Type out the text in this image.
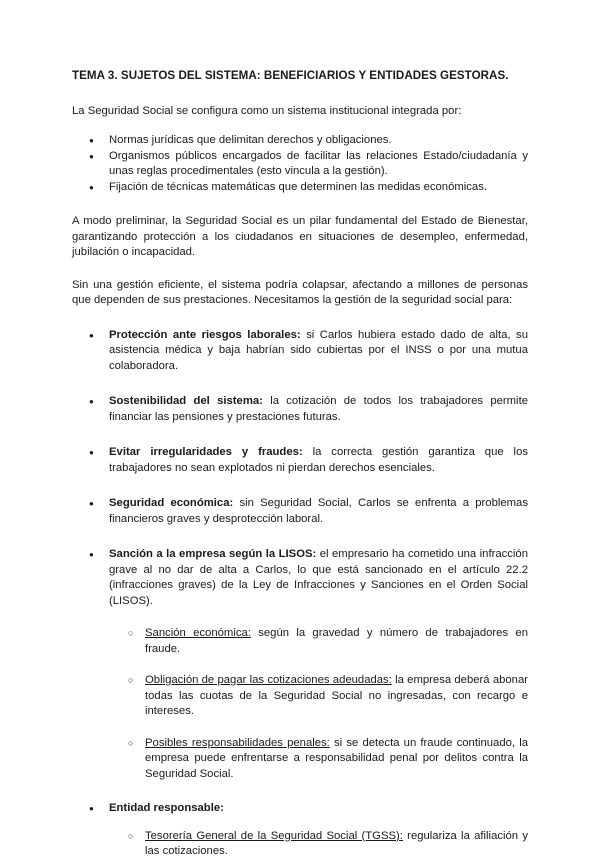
TEMA 3. SUJETOS DEL SISTEMA: BENEFICIARIOS Y ENTIDADES GESTORAS.

La Seguridad Social se configura como un sistema institucional integrada por:

● Normas jurídicas que delimitan derechos y obligaciones.
● Organismos públicos encargados de facilitar las relaciones Estado/ciudadanía y unas reglas procedimentales (esto vincula a la gestión).
● Fijación de técnicas matemáticas que determinen las medidas económicas.

A modo preliminar, la Seguridad Social es un pilar fundamental del Estado de Bienestar, garantizando protección a los ciudadanos en situaciones de desempleo, enfermedad, jubilación o incapacidad.

Sin una gestión eficiente, el sistema podría colapsar, afectando a millones de personas que dependen de sus prestaciones. Necesitamos la gestión de la seguridad social para:

● Protección ante riesgos laborales: si Carlos hubiera estado dado de alta, su asistencia médica y baja habrían sido cubiertas por el INSS o por una mutua colaboradora.
● Sostenibilidad del sistema: la cotización de todos los trabajadores permite financiar las pensiones y prestaciones futuras.
● Evitar irregularidades y fraudes: la correcta gestión garantiza que los trabajadores no sean explotados ni pierdan derechos esenciales.
● Seguridad económica: sin Seguridad Social, Carlos se enfrenta a problemas financieros graves y desprotección laboral.
● Sanción a la empresa según la LISOS: el empresario ha cometido una infracción grave al no dar de alta a Carlos, lo que está sancionado en el artículo 22.2 (infracciones graves) de la Ley de Infracciones y Sanciones en el Orden Social (LISOS).
○ Sanción económica: según la gravedad y número de trabajadores en fraude.
○ Obligación de pagar las cotizaciones adeudadas: la empresa deberá abonar todas las cuotas de la Seguridad Social no ingresadas, con recargo e intereses.
○ Posibles responsabilidades penales: si se detecta un fraude continuado, la empresa puede enfrentarse a responsabilidad penal por delitos contra la Seguridad Social.
● Entidad responsable:
○ Tesorería General de la Seguridad Social (TGSS): regulariza la afiliación y las cotizaciones.
